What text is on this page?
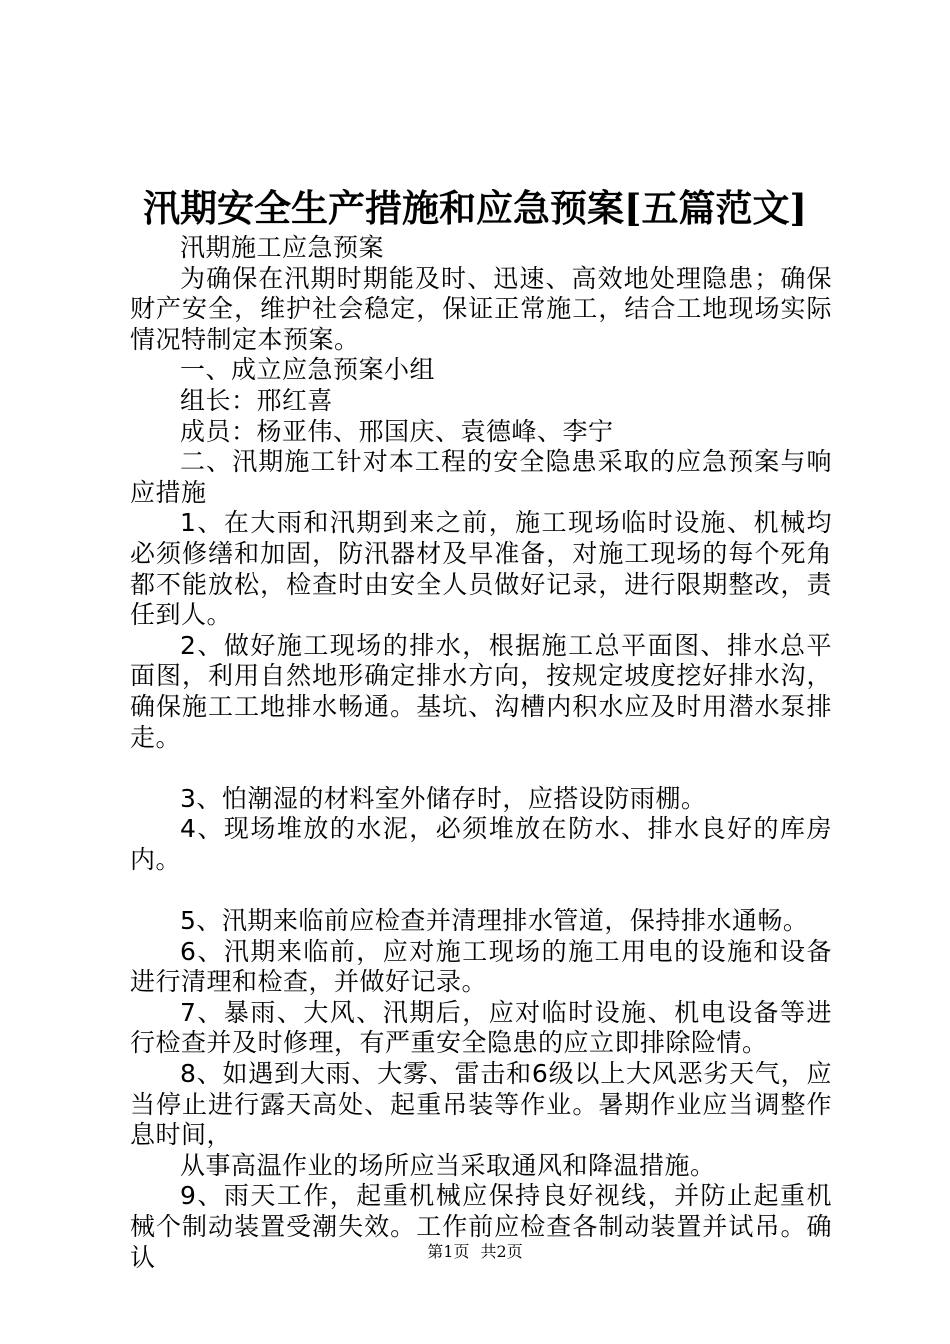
汛期安全生产措施和应急预案[五篇范文]

汛期施工应急预案

为确保在汛期时期能及时、迅速、高效地处理隐患；确保财产安全，维护社会稳定，保证正常施工，结合工地现场实际情况特制定本预案。

一、成立应急预案小组

组长：邢红喜

成员：杨亚伟、邢国庆、袁德峰、李宁

二、汛期施工针对本工程的安全隐患采取的应急预案与响应措施

1、在大雨和汛期到来之前，施工现场临时设施、机械均必须修缮和加固，防汛器材及早准备，对施工现场的每个死角都不能放松，检查时由安全人员做好记录，进行限期整改，责任到人。

2、做好施工现场的排水，根据施工总平面图、排水总平面图，利用自然地形确定排水方向，按规定坡度挖好排水沟，确保施工工地排水畅通。基坑、沟槽内积水应及时用潜水泵排走。

3、怕潮湿的材料室外储存时，应搭设防雨棚。

4、现场堆放的水泥，必须堆放在防水、排水良好的库房内。

5、汛期来临前应检查并清理排水管道，保持排水通畅。

6、汛期来临前，应对施工现场的施工用电的设施和设备进行清理和检查，并做好记录。

7、暴雨、大风、汛期后，应对临时设施、机电设备等进行检查并及时修理，有严重安全隐患的应立即排除险情。

8、如遇到大雨、大雾、雷击和6级以上大风恶劣天气，应当停止进行露天高处、起重吊装等作业。暑期作业应当调整作息时间，

从事高温作业的场所应当采取通风和降温措施。

9、雨天工作，起重机械应保持良好视线，并防止起重机械个制动装置受潮失效。工作前应检查各制动装置并试吊。确认	第1页 共2页
